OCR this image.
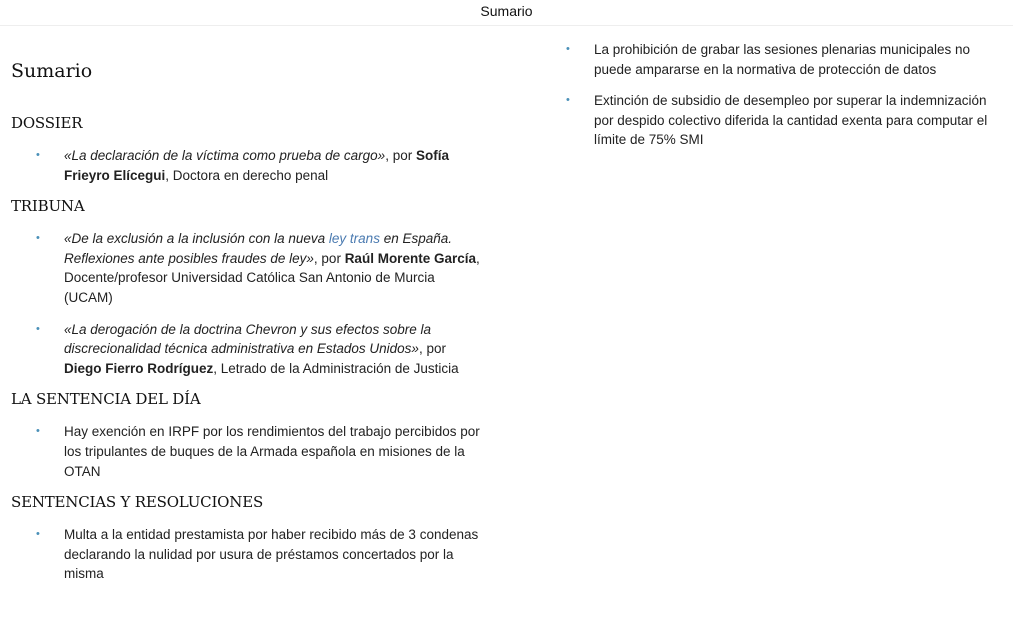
Sumario
Sumario
DOSSIER
• «La declaración de la víctima como prueba de cargo», por Sofía Frieyro Elícegui, Doctora en derecho penal
TRIBUNA
• «De la exclusión a la inclusión con la nueva ley trans en España. Reflexiones ante posibles fraudes de ley», por Raúl Morente García, Docente/profesor Universidad Católica San Antonio de Murcia (UCAM)
• «La derogación de la doctrina Chevron y sus efectos sobre la discrecionalidad técnica administrativa en Estados Unidos», por Diego Fierro Rodríguez, Letrado de la Administración de Justicia
LA SENTENCIA DEL DÍA
• Hay exención en IRPF por los rendimientos del trabajo percibidos por los tripulantes de buques de la Armada española en misiones de la OTAN
SENTENCIAS Y RESOLUCIONES
• Multa a la entidad prestamista por haber recibido más de 3 condenas declarando la nulidad por usura de préstamos concertados por la misma
• La prohibición de grabar las sesiones plenarias municipales no puede ampararse en la normativa de protección de datos
• Extinción de subsidio de desempleo por superar la indemnización por despido colectivo diferida la cantidad exenta para computar el límite de 75% SMI
